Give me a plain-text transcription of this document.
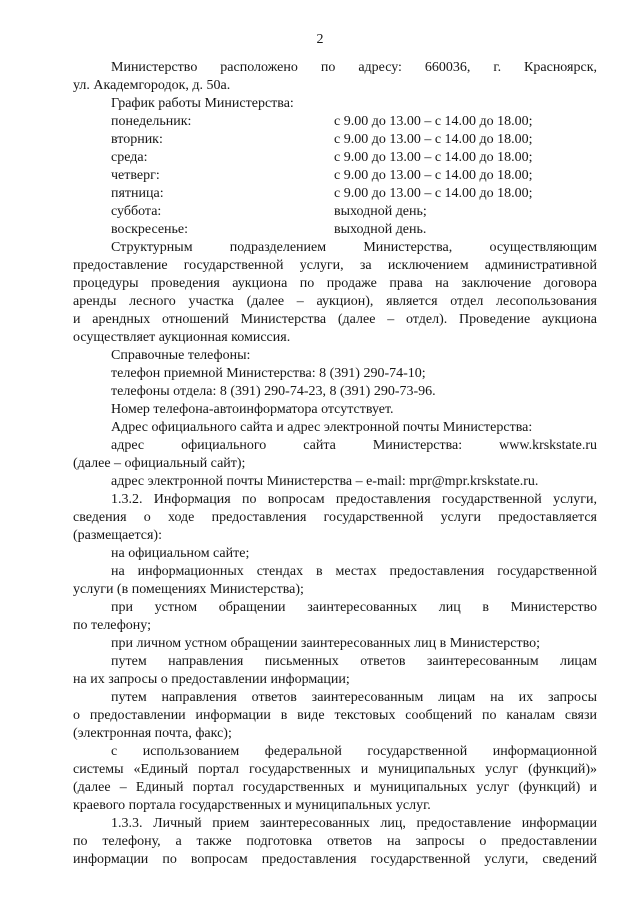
2
Министерство расположено по адресу: 660036, г. Красноярск,
ул. Академгородок, д. 50а.
График работы Министерства:
понедельник:	с 9.00 до 13.00 – с 14.00 до 18.00;
вторник:	с 9.00 до 13.00 – с 14.00 до 18.00;
среда:	с 9.00 до 13.00 – с 14.00 до 18.00;
четверг:	с 9.00 до 13.00 – с 14.00 до 18.00;
пятница:	с 9.00 до 13.00 – с 14.00 до 18.00;
суббота:	выходной день;
воскресенье:	выходной день.
Структурным подразделением Министерства, осуществляющим
предоставление государственной услуги, за исключением административной
процедуры проведения аукциона по продаже права на заключение договора
аренды лесного участка (далее – аукцион), является отдел лесопользования
и арендных отношений Министерства (далее – отдел). Проведение аукциона
осуществляет аукционная комиссия.
Справочные телефоны:
телефон приемной Министерства: 8 (391) 290-74-10;
телефоны отдела: 8 (391) 290-74-23, 8 (391) 290-73-96.
Номер телефона-автоинформатора отсутствует.
Адрес официального сайта и адрес электронной почты Министерства:
адрес официального сайта Министерства: www.krskstate.ru
(далее – официальный сайт);
адрес электронной почты Министерства – e-mail: mpr@mpr.krskstate.ru.
1.3.2. Информация по вопросам предоставления государственной услуги,
сведения о ходе предоставления государственной услуги предоставляется
(размещается):
на официальном сайте;
на информационных стендах в местах предоставления государственной
услуги (в помещениях Министерства);
при устном обращении заинтересованных лиц в Министерство
по телефону;
при личном устном обращении заинтересованных лиц в Министерство;
путем направления письменных ответов заинтересованным лицам
на их запросы о предоставлении информации;
путем направления ответов заинтересованным лицам на их запросы
о предоставлении информации в виде текстовых сообщений по каналам связи
(электронная почта, факс);
с использованием федеральной государственной информационной
системы «Единый портал государственных и муниципальных услуг (функций)»
(далее – Единый портал государственных и муниципальных услуг (функций) и
краевого портала государственных и муниципальных услуг.
1.3.3. Личный прием заинтересованных лиц, предоставление информации
по телефону, а также подготовка ответов на запросы о предоставлении
информации по вопросам предоставления государственной услуги, сведений
